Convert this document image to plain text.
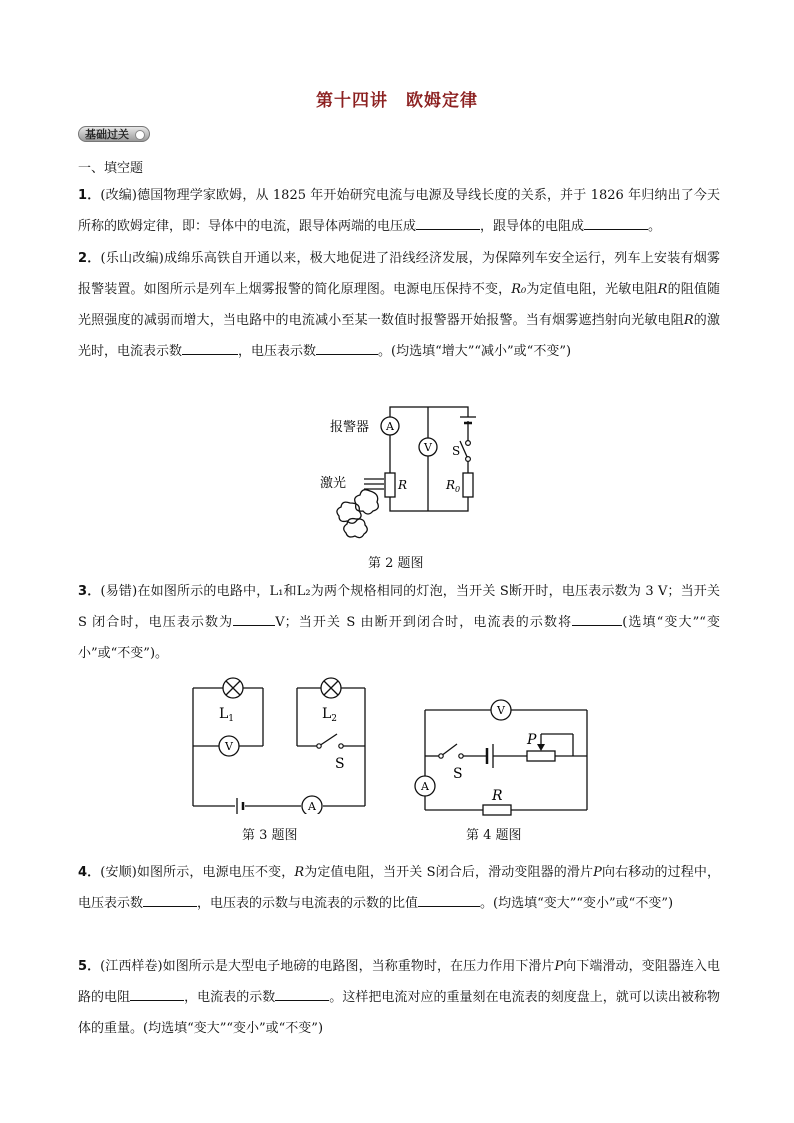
第十四讲　欧姆定律
基础过关
一、填空题
1．(改编)德国物理学家欧姆，从 1825 年开始研究电流与电源及导线长度的关系，并于 1826 年归纳出了今天所称的欧姆定律，即：导体中的电流，跟导体两端的电压成	，跟导体的电阻成	。
2．(乐山改编)成绵乐高铁自开通以来，极大地促进了沿线经济发展，为保障列车安全运行，列车上安装有烟雾报警装置。如图所示是列车上烟雾报警的简化原理图。电源电压保持不变，R₀为定值电阻，光敏电阻R的阻值随光照强度的减弱而增大，当电路中的电流减小至某一数值时报警器开始报警。当有烟雾遮挡射向光敏电阻R的激光时，电流表示数	，电压表示数	。(均选填“增大”“减小”或“不变”)
A
V
报警器
激光
S
R	$R_0$
第 2 题图
3．(易错)在如图所示的电路中，L₁和L₂为两个规格相同的灯泡，当开关 S断开时，电压表示数为 3 V；当开关 S 闭合时，电压表示数为	V；当开关 S 由断开到闭合时，电流表的示数将	(选填“变大”“变小”或“不变”)。
$L_1$	$L_2$
V
S
A
第 3 题图
V
P
S
A
R
第 4 题图
4．(安顺)如图所示，电源电压不变，R为定值电阻，当开关 S闭合后，滑动变阻器的滑片P向右移动的过程中，电压表示数	，电压表的示数与电流表的示数的比值	。(均选填“变大”“变小”或“不变”)
5．(江西样卷)如图所示是大型电子地磅的电路图，当称重物时，在压力作用下滑片P向下端滑动，变阻器连入电路的电阻	，电流表的示数	。这样把电流对应的重量刻在电流表的刻度盘上，就可以读出被称物体的重量。(均选填“变大”“变小”或“不变”)
